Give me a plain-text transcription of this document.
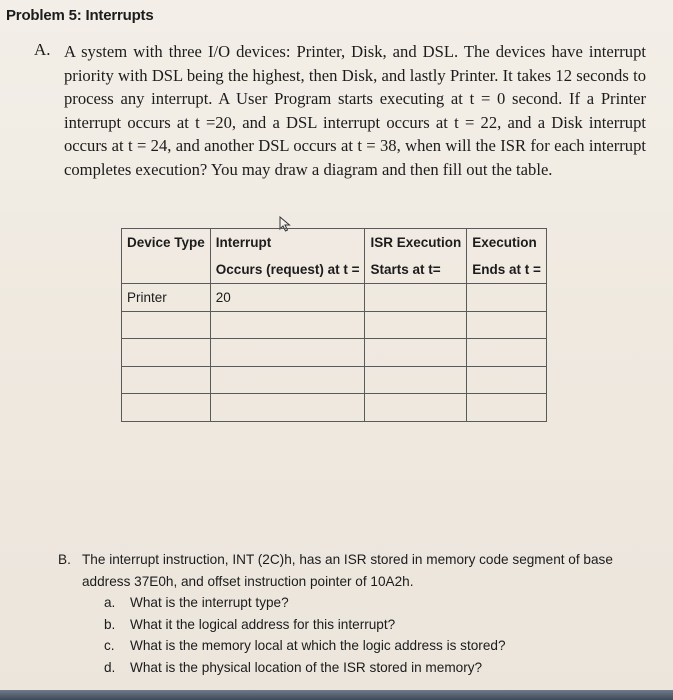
Problem 5: Interrupts
A. A system with three I/O devices: Printer, Disk, and DSL. The devices have interrupt priority with DSL being the highest, then Disk, and lastly Printer. It takes 12 seconds to process any interrupt. A User Program starts executing at t = 0 second. If a Printer interrupt occurs at t =20, and a DSL interrupt occurs at t = 22, and a Disk interrupt occurs at t = 24, and another DSL occurs at t = 38, when will the ISR for each interrupt completes execution? You may draw a diagram and then fill out the table.
Device Type	Interrupt	ISR Execution	Execution
	Occurs (request) at t =	Starts at t=	Ends at t =
Printer	20		

B. The interrupt instruction, INT (2C)h, has an ISR stored in memory code segment of base address 37E0h, and offset instruction pointer of 10A2h.
a. What is the interrupt type?
b. What it the logical address for this interrupt?
c. What is the memory local at which the logic address is stored?
d. What is the physical location of the ISR stored in memory?
